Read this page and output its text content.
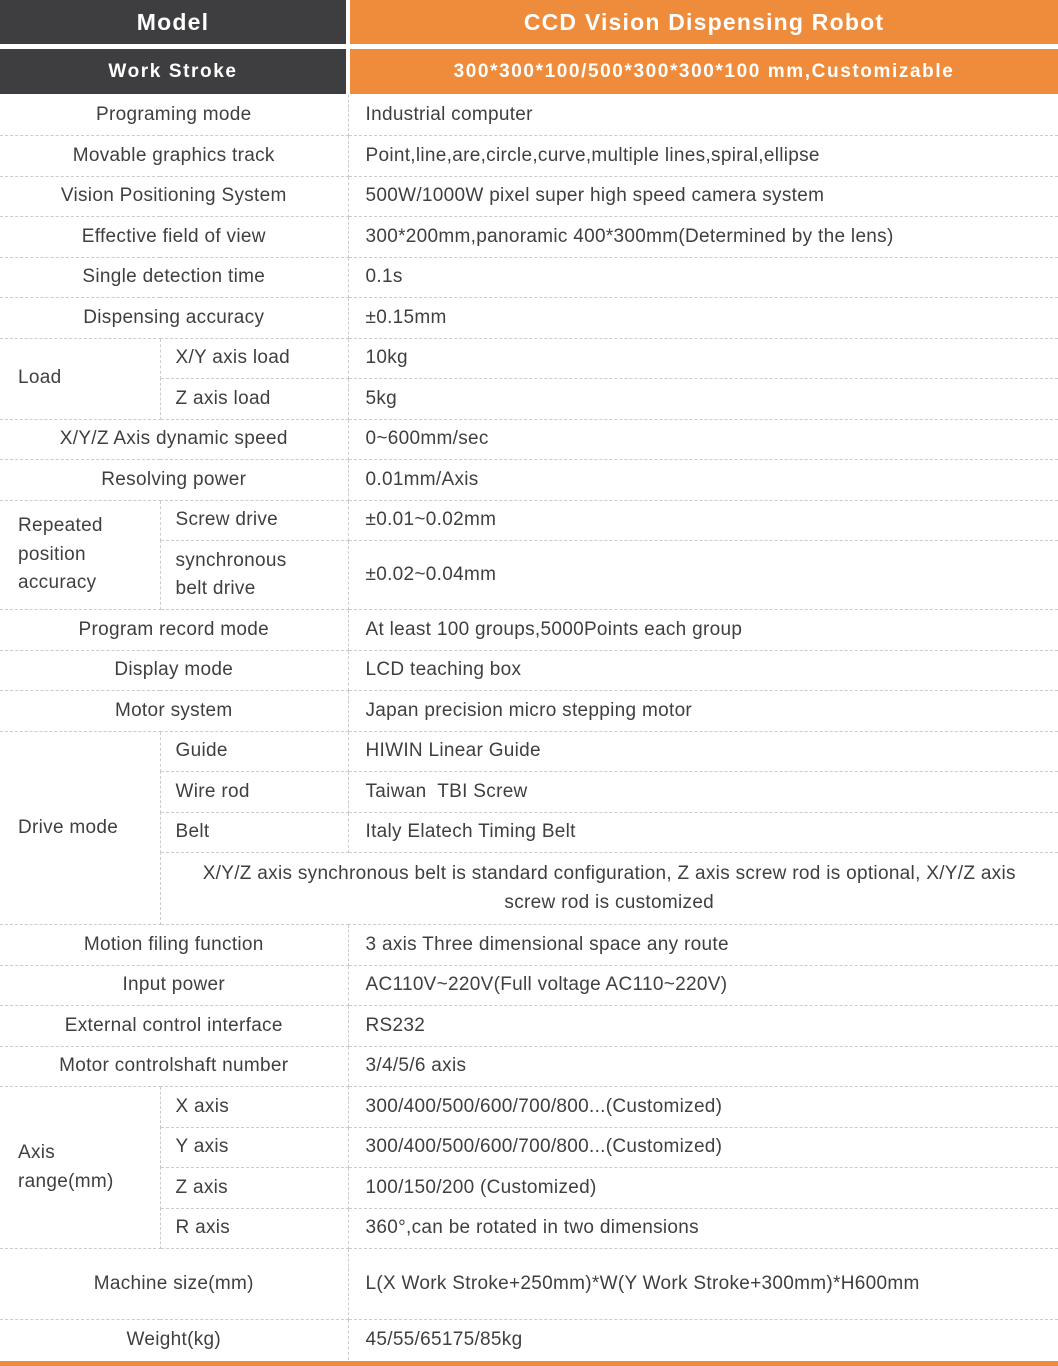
Model	CCD Vision Dispensing Robot
Work Stroke	300*300*100/500*300*300*100 mm,Customizable
Programing mode		Industrial computer
Movable graphics track		Point,line,are,circle,curve,multiple lines,spiral,ellipse
Vision Positioning System		500W/1000W pixel super high speed camera system
Effective field of view		300*200mm,panoramic 400*300mm(Determined by the lens)
Single detection time		0.1s
Dispensing accuracy		±0.15mm
Load	X/Y axis load	10kg
	Z axis load	5kg
X/Y/Z Axis dynamic speed		0~600mm/sec
Resolving power		0.01mm/Axis
Repeated position accuracy	Screw drive	±0.01~0.02mm
	synchronous belt drive	±0.02~0.04mm
Program record mode		At least 100 groups,5000Points each group
Display mode		LCD teaching box
Motor system		Japan precision micro stepping motor
Drive mode	Guide	HIWIN Linear Guide
	Wire rod	Taiwan  TBI Screw
	Belt	Italy Elatech Timing Belt
	X/Y/Z axis synchronous belt is standard configuration, Z axis screw rod is optional, X/Y/Z axis screw rod is customized	
Motion filing function		3 axis Three dimensional space any route
Input power		AC110V~220V(Full voltage AC110~220V)
External control interface		RS232
Motor controlshaft number		3/4/5/6 axis
Axis range(mm)	X axis	300/400/500/600/700/800...(Customized)
	Y axis	300/400/500/600/700/800...(Customized)
	Z axis	100/150/200 (Customized)
	R axis	360°,can be rotated in two dimensions
Machine size(mm)		L(X Work Stroke+250mm)*W(Y Work Stroke+300mm)*H600mm
Weight(kg)		45/55/65175/85kg
